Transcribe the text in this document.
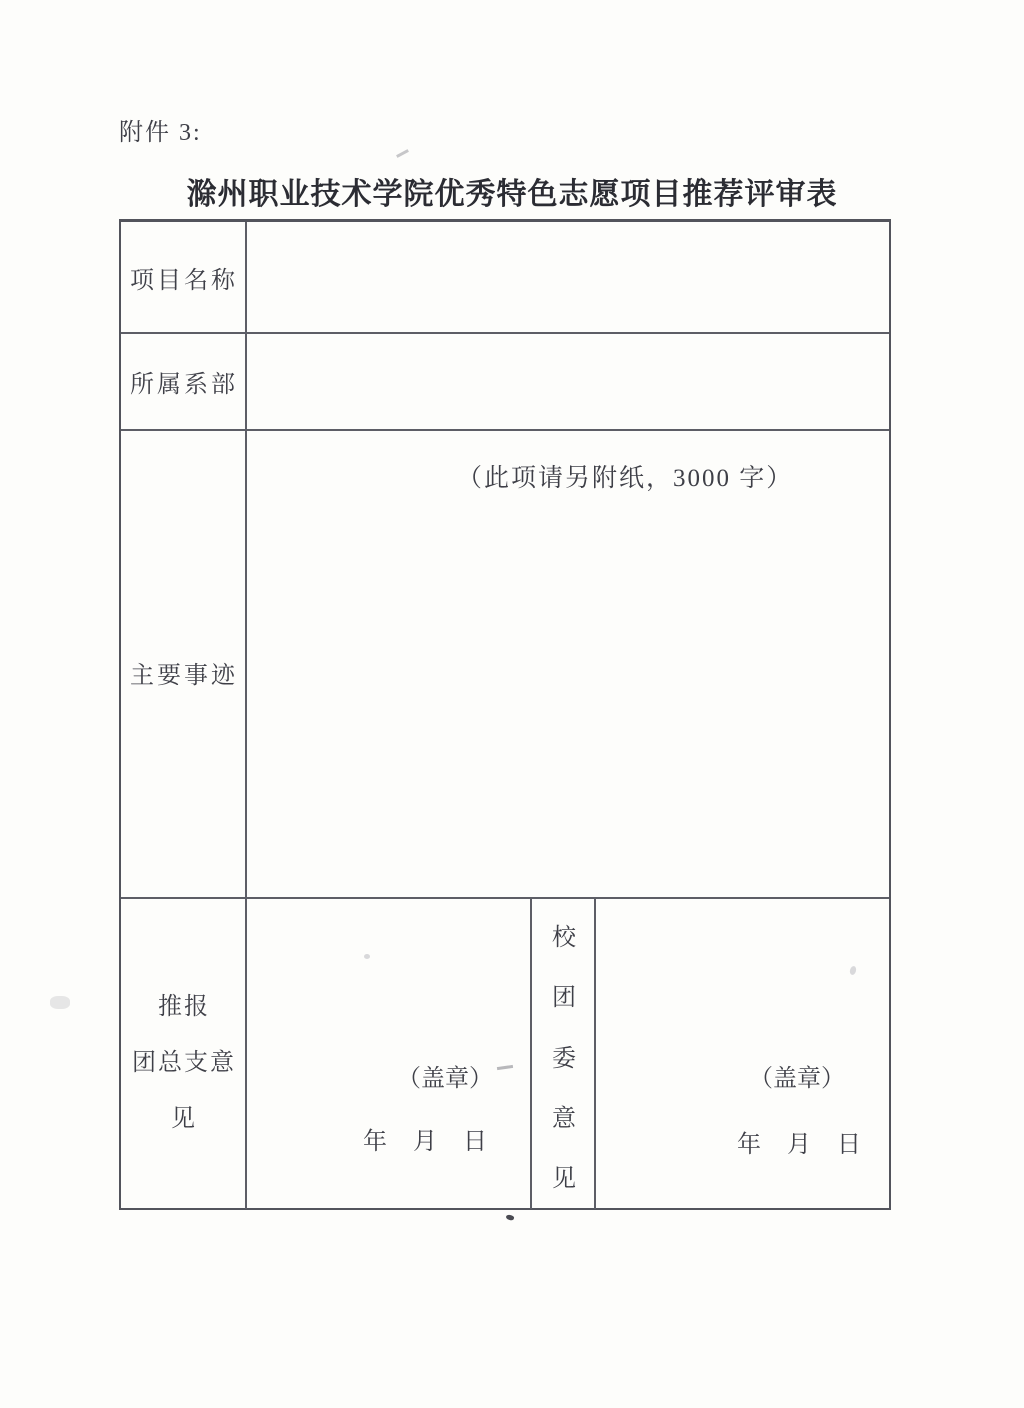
附件 3:
滁州职业技术学院优秀特色志愿项目推荐评审表
项目名称
所属系部
主要事迹
（此项请另附纸，3000 字）
推报
团总支意
见
（盖章）
年 月 日
校
团
委
意
见
（盖章）
年 月 日
